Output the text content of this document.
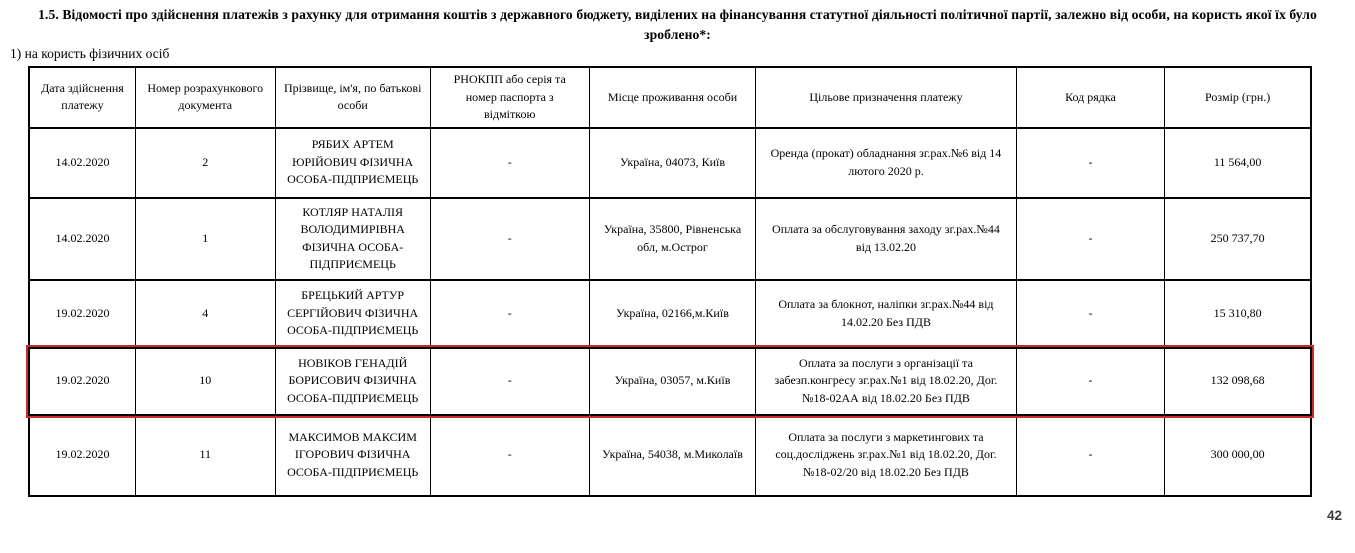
1.5. Відомості про здійснення платежів з рахунку для отримання коштів з державного бюджету, виділених на фінансування статутної діяльності політичної партії, залежно від особи, на користь якої їх було зроблено*:
1) на користь фізичних осіб
Дата здійснення платежу	Номер розрахункового документа	Прізвище, ім'я, по батькові особи	РНОКПП або серія та номер паспорта з відміткою	Місце проживання особи	Цільове призначення платежу	Код рядка	Розмір (грн.)
14.02.2020	2	РЯБИХ АРТЕМ ЮРІЙОВИЧ ФІЗИЧНА ОСОБА-ПІДПРИЄМЕЦЬ	-	Україна, 04073, Київ	Оренда (прокат) обладнання зг.рах.№6 від 14 лютого 2020 р.	-	11 564,00
14.02.2020	1	КОТЛЯР НАТАЛІЯ ВОЛОДИМИРІВНА ФІЗИЧНА ОСОБА-ПІДПРИЄМЕЦЬ	-	Україна, 35800, Рівненська обл, м.Острог	Оплата за обслуговування заходу зг.рах.№44 від 13.02.20	-	250 737,70
19.02.2020	4	БРЕЦЬКИЙ АРТУР СЕРГІЙОВИЧ ФІЗИЧНА ОСОБА-ПІДПРИЄМЕЦЬ	-	Україна, 02166,м.Київ	Оплата за блокнот, наліпки зг.рах.№44 від 14.02.20 Без ПДВ	-	15 310,80
19.02.2020	10	НОВІКОВ ГЕНАДІЙ БОРИСОВИЧ ФІЗИЧНА ОСОБА-ПІДПРИЄМЕЦЬ	-	Україна, 03057, м.Київ	Оплата за послуги з організації та забезп.конгресу зг.рах.№1 від 18.02.20, Дог.№18-02АА від 18.02.20 Без ПДВ	-	132 098,68
19.02.2020	11	МАКСИМОВ МАКСИМ ІГОРОВИЧ ФІЗИЧНА ОСОБА-ПІДПРИЄМЕЦЬ	-	Україна, 54038, м.Миколаїв	Оплата за послуги з маркетингових та соц.досліджень зг.рах.№1 від 18.02.20, Дог.№18-02/20 від 18.02.20 Без ПДВ	-	300 000,00
42
